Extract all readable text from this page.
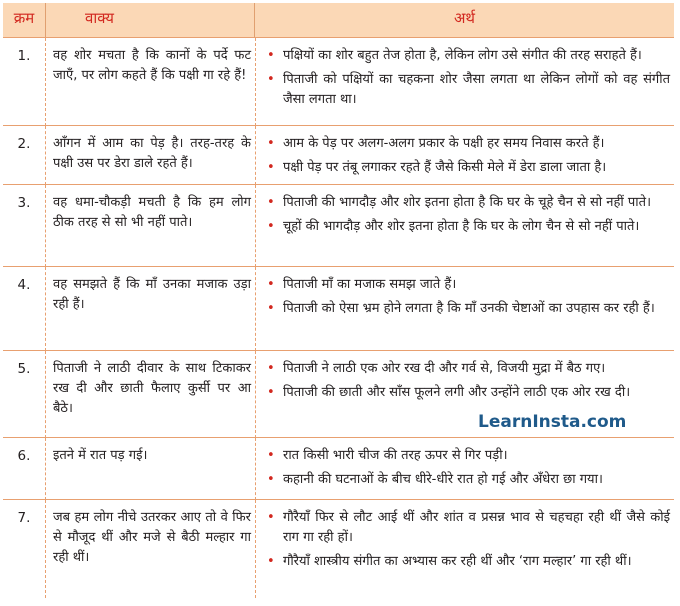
क्रम	वाक्य	अर्थ
1.	वह शोर मचता है कि कानों के पर्दे फट जाएँ, पर लोग कहते हैं कि पक्षी गा रहे हैं!
• पक्षियों का शोर बहुत तेज होता है, लेकिन लोग उसे संगीत की तरह सराहते हैं।
• पिताजी को पक्षियों का चहकना शोर जैसा लगता था लेकिन लोगों को वह संगीत जैसा लगता था।
2.	आँगन में आम का पेड़ है। तरह-तरह के पक्षी उस पर डेरा डाले रहते हैं।
• आम के पेड़ पर अलग-अलग प्रकार के पक्षी हर समय निवास करते हैं।
• पक्षी पेड़ पर तंबू लगाकर रहते हैं जैसे किसी मेले में डेरा डाला जाता है।
3.	वह धमा-चौकड़ी मचती है कि हम लोग ठीक तरह से सो भी नहीं पाते।
• पिताजी की भागदौड़ और शोर इतना होता है कि घर के चूहे चैन से सो नहीं पाते।
• चूहों की भागदौड़ और शोर इतना होता है कि घर के लोग चैन से सो नहीं पाते।
4.	वह समझते हैं कि माँ उनका मजाक उड़ा रही हैं।
• पिताजी माँ का मजाक समझ जाते हैं।
• पिताजी को ऐसा भ्रम होने लगता है कि माँ उनकी चेष्टाओं का उपहास कर रही हैं।
5.	पिताजी ने लाठी दीवार के साथ टिकाकर रख दी और छाती फैलाए कुर्सी पर आ बैठे।
• पिताजी ने लाठी एक ओर रख दी और गर्व से, विजयी मुद्रा में बैठ गए।
• पिताजी की छाती और साँस फूलने लगी और उन्होंने लाठी एक ओर रख दी।
6.	इतने में रात पड़ गई।	• रात किसी भारी चीज की तरह ऊपर से गिर पड़ी।
• कहानी की घटनाओं के बीच धीरे-धीरे रात हो गई और अँधेरा छा गया।
7.	जब हम लोग नीचे उतरकर आए तो वे फिर से मौजूद थीं और मजे से बैठी मल्हार गा रही थीं।
• गौरैयाँ फिर से लौट आई थीं और शांत व प्रसन्न भाव से चहचहा रही थीं जैसे कोई राग गा रही हों।
• गौरैयाँ शास्त्रीय संगीत का अभ्यास कर रही थीं और ‘राग मल्हार’ गा रही थीं।
LearnInsta.com
